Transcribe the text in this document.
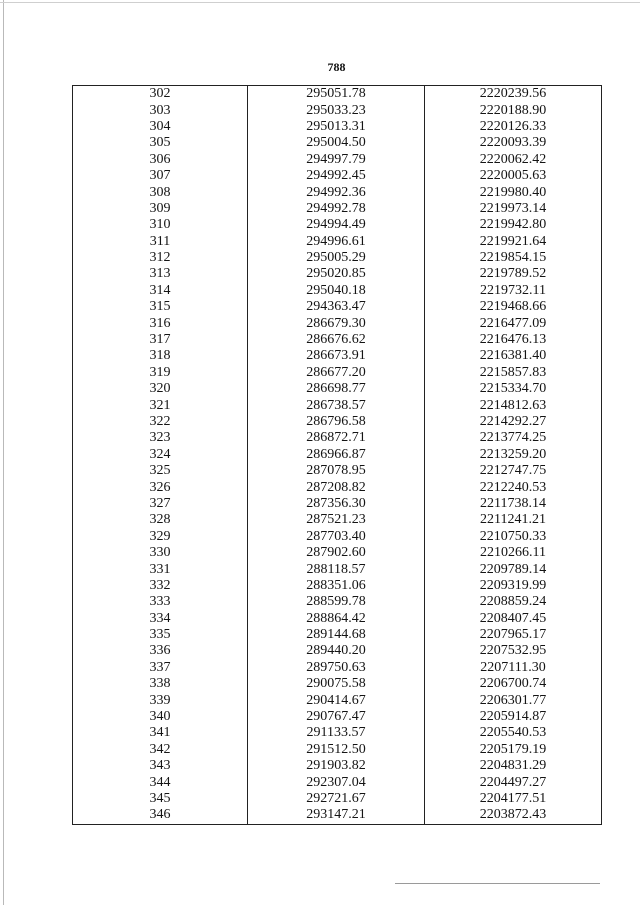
788
302	295051.78	2220239.56
303	295033.23	2220188.90
304	295013.31	2220126.33
305	295004.50	2220093.39
306	294997.79	2220062.42
307	294992.45	2220005.63
308	294992.36	2219980.40
309	294992.78	2219973.14
310	294994.49	2219942.80
311	294996.61	2219921.64
312	295005.29	2219854.15
313	295020.85	2219789.52
314	295040.18	2219732.11
315	294363.47	2219468.66
316	286679.30	2216477.09
317	286676.62	2216476.13
318	286673.91	2216381.40
319	286677.20	2215857.83
320	286698.77	2215334.70
321	286738.57	2214812.63
322	286796.58	2214292.27
323	286872.71	2213774.25
324	286966.87	2213259.20
325	287078.95	2212747.75
326	287208.82	2212240.53
327	287356.30	2211738.14
328	287521.23	2211241.21
329	287703.40	2210750.33
330	287902.60	2210266.11
331	288118.57	2209789.14
332	288351.06	2209319.99
333	288599.78	2208859.24
334	288864.42	2208407.45
335	289144.68	2207965.17
336	289440.20	2207532.95
337	289750.63	2207111.30
338	290075.58	2206700.74
339	290414.67	2206301.77
340	290767.47	2205914.87
341	291133.57	2205540.53
342	291512.50	2205179.19
343	291903.82	2204831.29
344	292307.04	2204497.27
345	292721.67	2204177.51
346	293147.21	2203872.43
